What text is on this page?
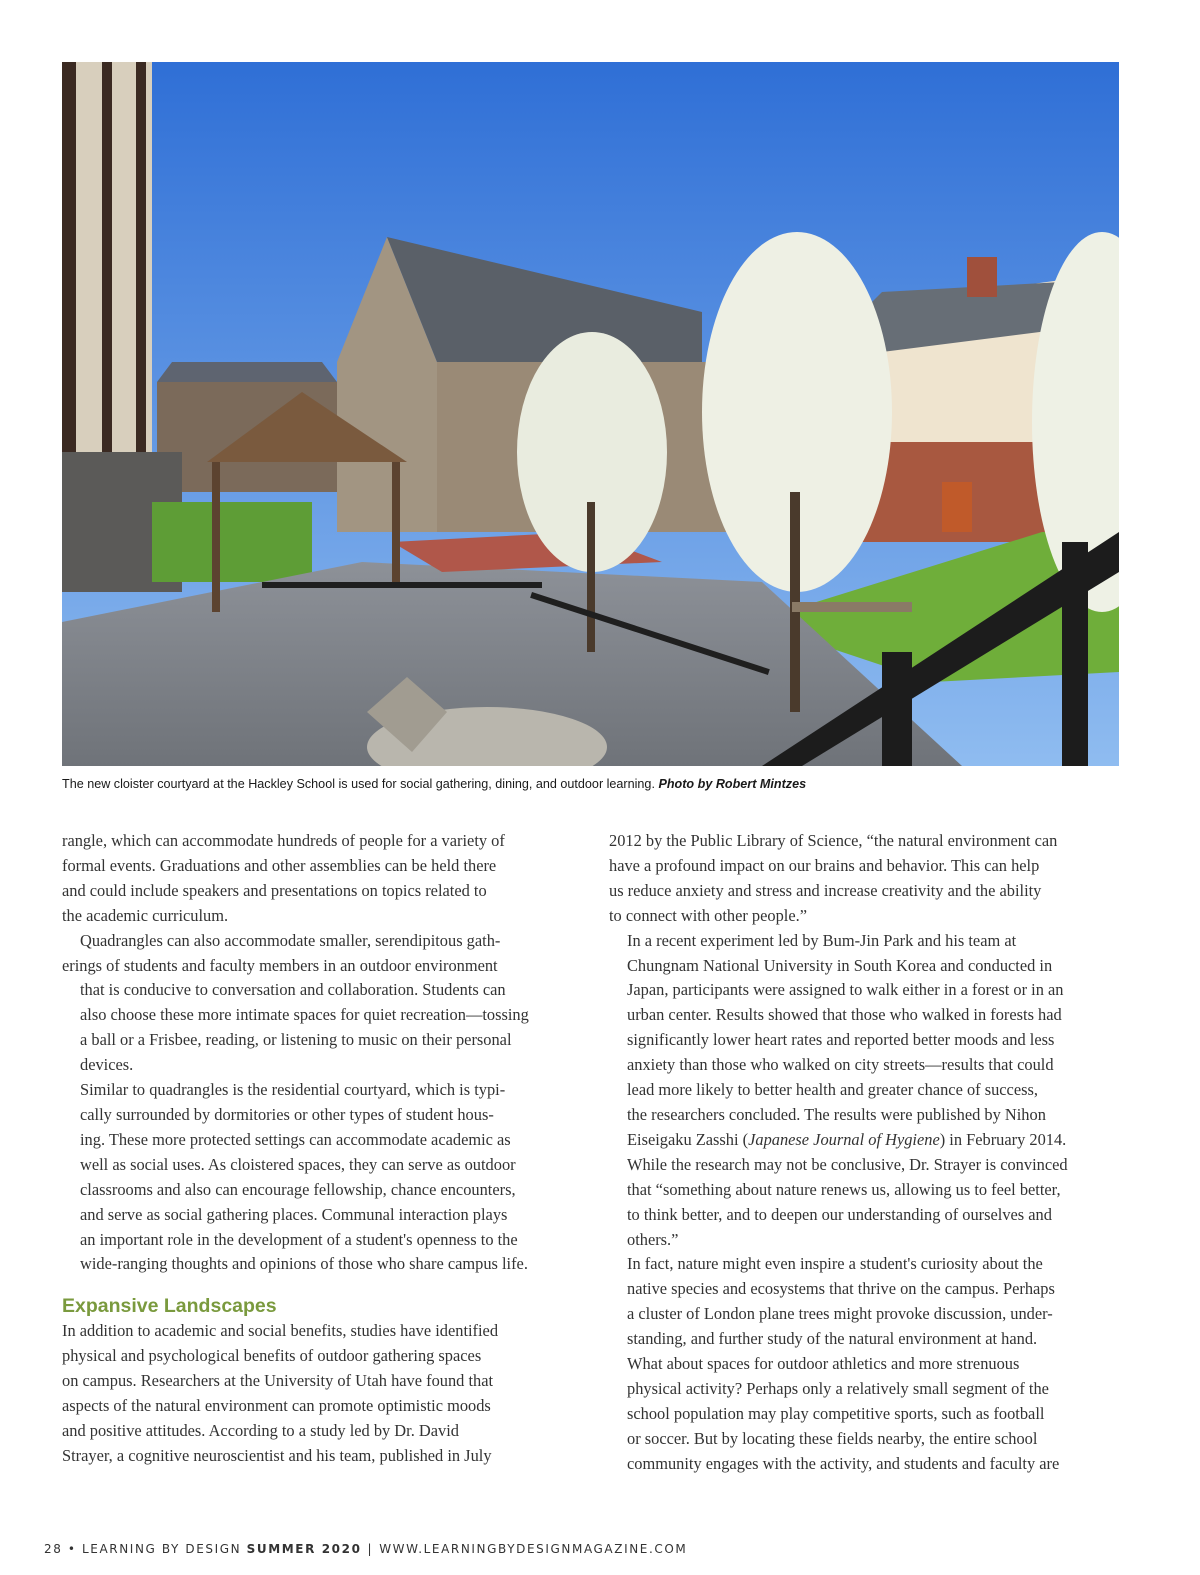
The new cloister courtyard at the Hackley School is used for social gathering, dining, and outdoor learning. Photo by Robert Mintzes

rangle, which can accommodate hundreds of people for a variety of
formal events. Graduations and other assemblies can be held there
and could include speakers and presentations on topics related to
the academic curriculum.

Quadrangles can also accommodate smaller, serendipitous gath-
erings of students and faculty members in an outdoor environment
that is conducive to conversation and collaboration. Students can
also choose these more intimate spaces for quiet recreation—tossing
a ball or a Frisbee, reading, or listening to music on their personal
devices.

Similar to quadrangles is the residential courtyard, which is typi-
cally surrounded by dormitories or other types of student hous-
ing. These more protected settings can accommodate academic as
well as social uses. As cloistered spaces, they can serve as outdoor
classrooms and also can encourage fellowship, chance encounters,
and serve as social gathering places. Communal interaction plays
an important role in the development of a student's openness to the
wide-ranging thoughts and opinions of those who share campus life.

Expansive Landscapes

In addition to academic and social benefits, studies have identified
physical and psychological benefits of outdoor gathering spaces
on campus. Researchers at the University of Utah have found that
aspects of the natural environment can promote optimistic moods
and positive attitudes. According to a study led by Dr. David
Strayer, a cognitive neuroscientist and his team, published in July

2012 by the Public Library of Science, “the natural environment can
have a profound impact on our brains and behavior. This can help
us reduce anxiety and stress and increase creativity and the ability
to connect with other people.”

In a recent experiment led by Bum-Jin Park and his team at
Chungnam National University in South Korea and conducted in
Japan, participants were assigned to walk either in a forest or in an
urban center. Results showed that those who walked in forests had
significantly lower heart rates and reported better moods and less
anxiety than those who walked on city streets—results that could
lead more likely to better health and greater chance of success,
the researchers concluded. The results were published by Nihon
Eiseigaku Zasshi (Japanese Journal of Hygiene) in February 2014.
While the research may not be conclusive, Dr. Strayer is convinced
that “something about nature renews us, allowing us to feel better,
to think better, and to deepen our understanding of ourselves and
others.”

In fact, nature might even inspire a student's curiosity about the
native species and ecosystems that thrive on the campus. Perhaps
a cluster of London plane trees might provoke discussion, under-
standing, and further study of the natural environment at hand.

What about spaces for outdoor athletics and more strenuous
physical activity? Perhaps only a relatively small segment of the
school population may play competitive sports, such as football
or soccer. But by locating these fields nearby, the entire school
community engages with the activity, and students and faculty are

28 • LEARNING BY DESIGN SUMMER 2020 | WWW.LEARNINGBYDESIGNMAGAZINE.COM
